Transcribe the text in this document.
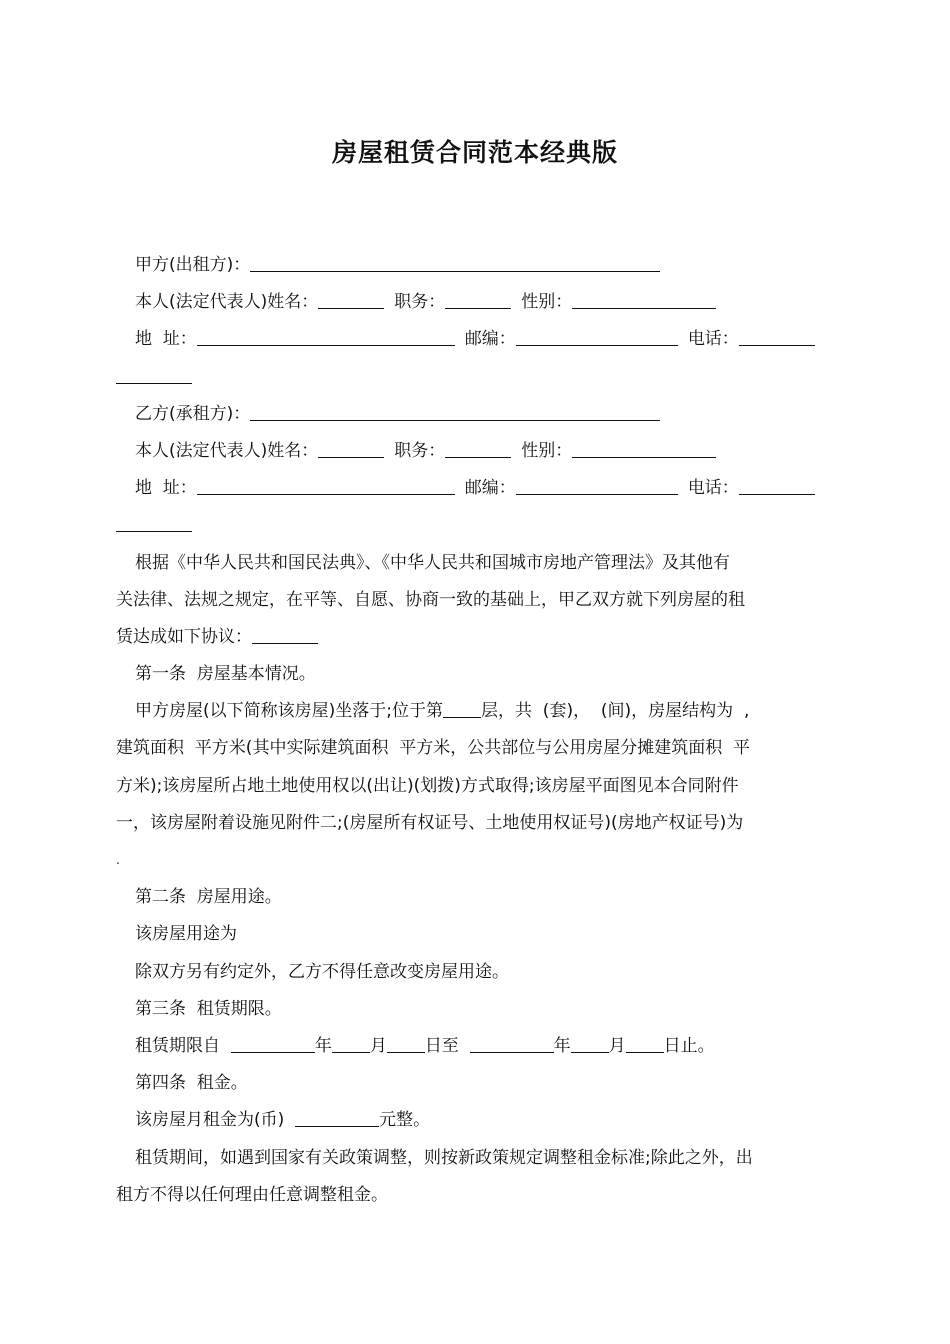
房屋租赁合同范本经典版
甲方(出租方)：
本人(法定代表人)姓名：	职务：	性别：
地  址：	邮编：	电话：
乙方(承租方)：
本人(法定代表人)姓名：	职务：	性别：
地  址：	邮编：	电话：
根据《中华人民共和国民法典》、《中华人民共和国城市房地产管理法》及其他有
关法律、法规之规定，在平等、自愿、协商一致的基础上，甲乙双方就下列房屋的租
赁达成如下协议：
第一条  房屋基本情况。
甲方房屋(以下简称该房屋)坐落于;位于第 层，共  (套)，  (间)，房屋结构为  ,
建筑面积  平方米(其中实际建筑面积  平方米，公共部位与公用房屋分摊建筑面积  平
方米);该房屋所占地土地使用权以(出让)(划拨)方式取得;该房屋平面图见本合同附件
一，该房屋附着设施见附件二;(房屋所有权证号、土地使用权证号)(房地产权证号)为
.
第二条  房屋用途。
该房屋用途为
除双方另有约定外，乙方不得任意改变房屋用途。
第三条  租赁期限。
租赁期限自	年 月 日至	年 月 日止。
第四条  租金。
该房屋月租金为(币)	元整。
租赁期间，如遇到国家有关政策调整，则按新政策规定调整租金标准;除此之外，出
租方不得以任何理由任意调整租金。
